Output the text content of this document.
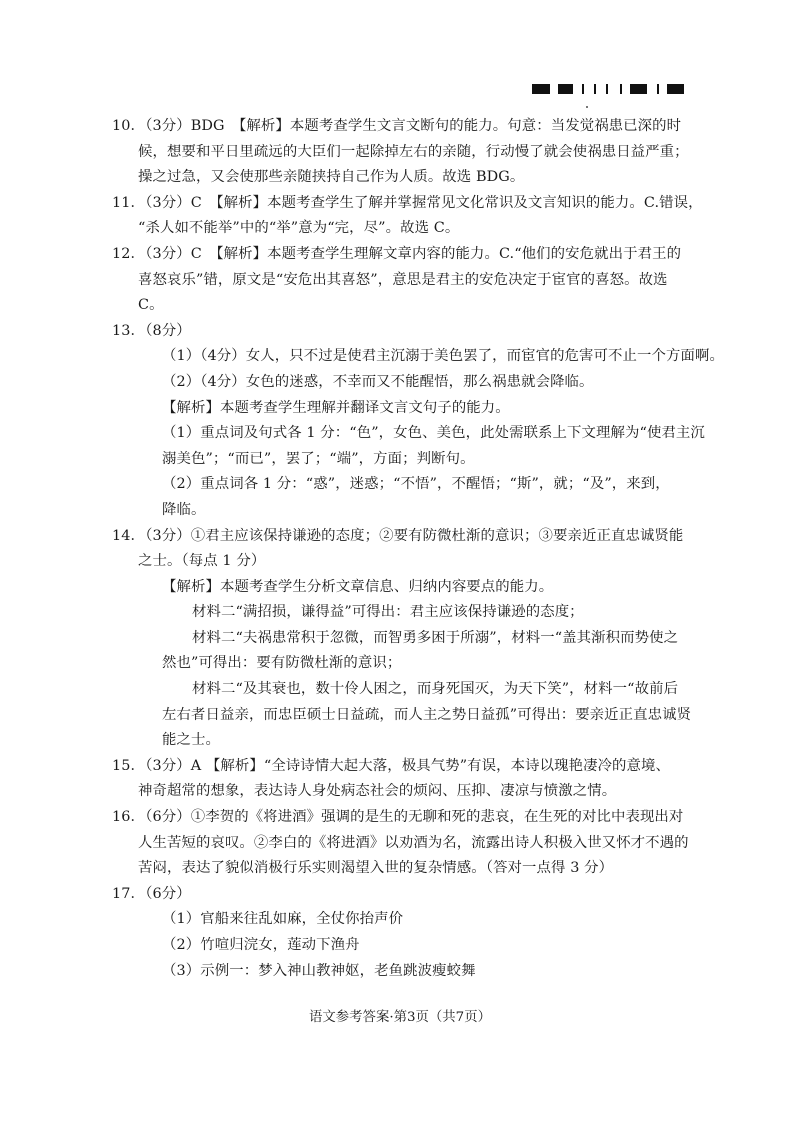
10．
（3分）BDG　【解析】本题考查学生文言文断句的能力。句意：当发觉祸患已深的时
候，想要和平日里疏远的大臣们一起除掉左右的亲随，行动慢了就会使祸患日益严重；
操之过急，又会使那些亲随挟持自己作为人质。故选 BDG。
11．
（3分）C　【解析】本题考查学生了解并掌握常见文化常识及文言知识的能力。C.错误，
“杀人如不能举”中的“举”意为“完，尽”。故选 C。
12．
（3分）C　【解析】本题考查学生理解文章内容的能力。C.“他们的安危就出于君王的
喜怒哀乐”错，原文是“安危出其喜怒”，意思是君主的安危决定于宦官的喜怒。故选
C。
13．
（8分）
（1）（4分）女人，只不过是使君主沉溺于美色罢了，而宦官的危害可不止一个方面啊。
（2）（4分）女色的迷惑，不幸而又不能醒悟，那么祸患就会降临。
【解析】本题考查学生理解并翻译文言文句子的能力。
（1）重点词及句式各 1 分：“色”，女色、美色，此处需联系上下文理解为“使君主沉
溺美色”；“而已”，罢了；“端”，方面；判断句。
（2）重点词各 1 分：“惑”，迷惑；“不悟”，不醒悟；“斯”，就；“及”，来到，
降临。
14．
（3分）①君主应该保持谦逊的态度；②要有防微杜渐的意识；③要亲近正直忠诚贤能
之士。（每点 1 分）
【解析】本题考查学生分析文章信息、归纳内容要点的能力。
材料二“满招损，谦得益”可得出：君主应该保持谦逊的态度；
材料二“夫祸患常积于忽微，而智勇多困于所溺”，材料一“盖其渐积而势使之
然也”可得出：要有防微杜渐的意识；
材料二“及其衰也，数十伶人困之，而身死国灭，为天下笑”，材料一“故前后
左右者日益亲，而忠臣硕士日益疏，而人主之势日益孤”可得出：要亲近正直忠诚贤
能之士。
15．
（3分）A 【解析】“全诗诗情大起大落，极具气势”有误，本诗以瑰艳凄冷的意境、
神奇超常的想象，表达诗人身处病态社会的烦闷、压抑、凄凉与愤激之情。
16．
（6分）①李贺的《将进酒》强调的是生的无聊和死的悲哀，在生死的对比中表现出对
人生苦短的哀叹。②李白的《将进酒》以劝酒为名，流露出诗人积极入世又怀才不遇的
苦闷，表达了貌似消极行乐实则渴望入世的复杂情感。（答对一点得 3 分）
17．
（6分）
（1）官船来往乱如麻，全仗你抬声价
（2）竹喧归浣女，莲动下渔舟
（3）示例一：梦入神山教神妪，老鱼跳波瘦蛟舞
语文参考答案·第3页（共7页）
